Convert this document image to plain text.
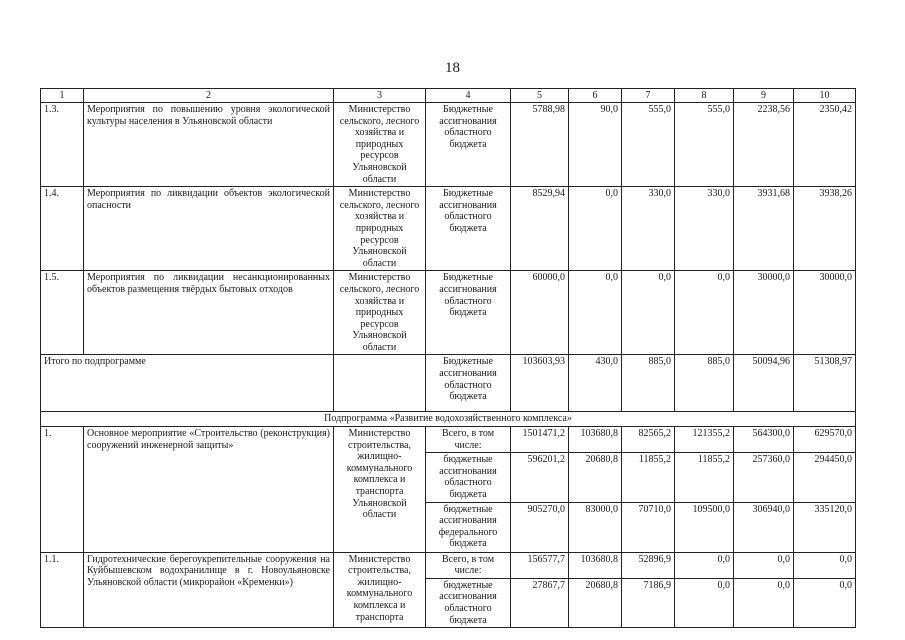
18
1	2	3	4	5	6	7	8	9	10
1.3.	Мероприятия по повышению уровня экологической культуры населения в Ульяновской области	Министерство сельского, лесного хозяйства и природных ресурсов Ульяновской области	Бюджетные ассигнования областного бюджета	5788,98	90,0	555,0	555,0	2238,56	2350,42
1.4.	Мероприятия по ликвидации объектов экологической опасности	Министерство сельского, лесного хозяйства и природных ресурсов Ульяновской области	Бюджетные ассигнования областного бюджета	8529,94	0,0	330,0	330,0	3931,68	3938,26
1.5.	Мероприятия по ликвидации несанкционированных объектов размещения твёрдых бытовых отходов	Министерство сельского, лесного хозяйства и природных ресурсов Ульяновской области	Бюджетные ассигнования областного бюджета	60000,0	0,0	0,0	0,0	30000,0	30000,0
Итого по подпрограмме			Бюджетные ассигнования областного бюджета	103603,93	430,0	885,0	885,0	50094,96	51308,97
Подпрограмма «Развитие водохозяйственного комплекса»									
1.	Основное мероприятие «Строительство (реконструкция) сооружений инженерной защиты»	Министерство строительства, жилищно-коммунального комплекса и транспорта Ульяновской области	Всего, в том числе:	1501471,2	103680,8	82565,2	121355,2	564300,0	629570,0
			бюджетные ассигнования областного бюджета	596201,2	20680,8	11855,2	11855,2	257360,0	294450,0
			бюджетные ассигнования федерального бюджета	905270,0	83000,0	70710,0	109500,0	306940,0	335120,0
1.1.	Гидротехнические берегоукрепительные сооружения на Куйбышевском водохранилище в г. Новоульяновске Ульяновской области (микрорайон «Кременки»)	Министерство строительства, жилищно-коммунального комплекса и транспорта	Всего, в том числе:	156577,7	103680,8	52896,9	0,0	0,0	0,0
			бюджетные ассигнования областного бюджета	27867,7	20680,8	7186,9	0,0	0,0	0,0
